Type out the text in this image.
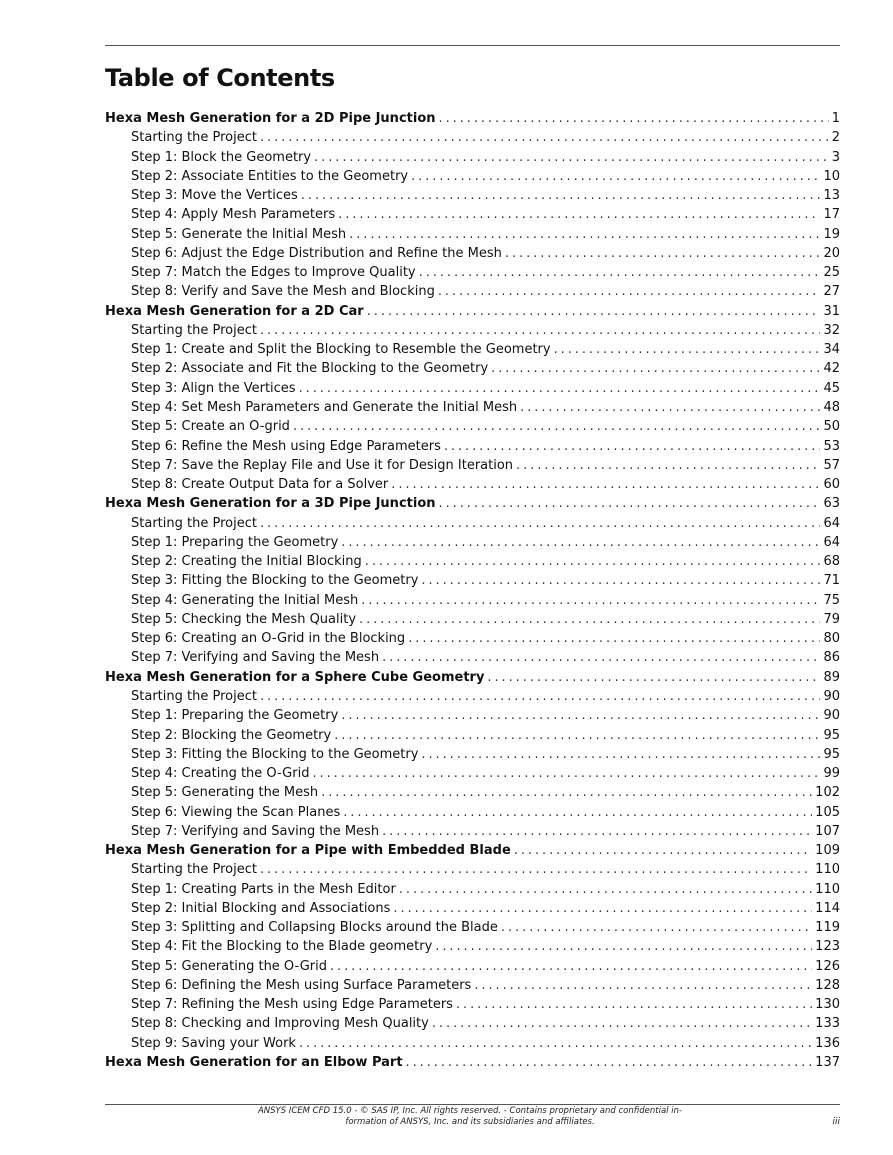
Table of Contents
Hexa Mesh Generation for a 2D Pipe Junction . . .	1
Starting the Project . . .	2
Step 1: Block the Geometry . . .	3
Step 2: Associate Entities to the Geometry . . .	10
Step 3: Move the Vertices . . .	13
Step 4: Apply Mesh Parameters . . .	17
Step 5: Generate the Initial Mesh . . .	19
Step 6: Adjust the Edge Distribution and Refine the Mesh . . .	20
Step 7: Match the Edges to Improve Quality . . .	25
Step 8: Verify and Save the Mesh and Blocking . . .	27
Hexa Mesh Generation for a 2D Car . . .	31
Starting the Project . . .	32
Step 1: Create and Split the Blocking to Resemble the Geometry . . .	34
Step 2: Associate and Fit the Blocking to the Geometry . . .	42
Step 3: Align the Vertices . . .	45
Step 4: Set Mesh Parameters and Generate the Initial Mesh . . .	48
Step 5: Create an O-grid . . .	50
Step 6: Refine the Mesh using Edge Parameters . . .	53
Step 7: Save the Replay File and Use it for Design Iteration . . .	57
Step 8: Create Output Data for a Solver . . .	60
Hexa Mesh Generation for a 3D Pipe Junction . . .	63
Starting the Project . . .	64
Step 1: Preparing the Geometry . . .	64
Step 2: Creating the Initial Blocking . . .	68
Step 3: Fitting the Blocking to the Geometry . . .	71
Step 4: Generating the Initial Mesh . . .	75
Step 5: Checking the Mesh Quality . . .	79
Step 6: Creating an O-Grid in the Blocking . . .	80
Step 7: Verifying and Saving the Mesh . . .	86
Hexa Mesh Generation for a Sphere Cube Geometry . . .	89
Starting the Project . . .	90
Step 1: Preparing the Geometry . . .	90
Step 2: Blocking the Geometry . . .	95
Step 3: Fitting the Blocking to the Geometry . . .	95
Step 4: Creating the O-Grid . . .	99
Step 5: Generating the Mesh . . .	102
Step 6: Viewing the Scan Planes . . .	105
Step 7: Verifying and Saving the Mesh . . .	107
Hexa Mesh Generation for a Pipe with Embedded Blade . . .	109
Starting the Project . . .	110
Step 1: Creating Parts in the Mesh Editor . . .	110
Step 2: Initial Blocking and Associations . . .	114
Step 3: Splitting and Collapsing Blocks around the Blade . . .	119
Step 4: Fit the Blocking to the Blade geometry . . .	123
Step 5: Generating the O-Grid . . .	126
Step 6: Defining the Mesh using Surface Parameters . . .	128
Step 7: Refining the Mesh using Edge Parameters . . .	130
Step 8: Checking and Improving Mesh Quality . . .	133
Step 9: Saving your Work . . .	136
Hexa Mesh Generation for an Elbow Part . . .	137
ANSYS ICEM CFD 15.0 - © SAS IP, Inc. All rights reserved. - Contains proprietary and confidential in-
formation of ANSYS, Inc. and its subsidiaries and affiliates.	iii
